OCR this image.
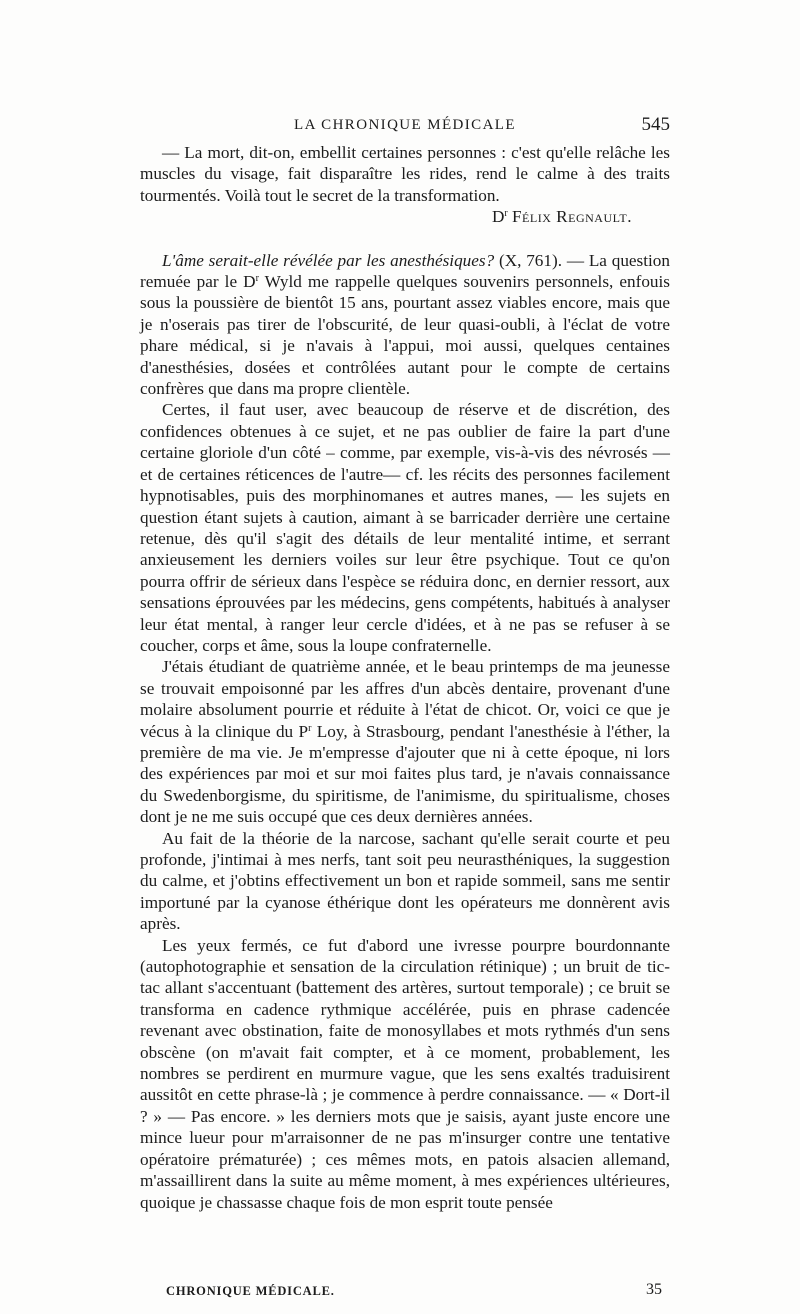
LA CHRONIQUE MÉDICALE	545

— La mort, dit-on, embellit certaines personnes : c'est qu'elle relâche les muscles du visage, fait disparaître les rides, rend le calme à des traits tourmentés. Voilà tout le secret de la transformation.

$D^r$ Félix Regnault.

L'âme serait-elle révélée par les anesthésiques? (X, 761). — La question remuée par le $D^r$ Wyld me rappelle quelques souvenirs personnels, enfouis sous la poussière de bientôt 15 ans, pourtant assez viables encore, mais que je n'oserais pas tirer de l'obscurité, de leur quasi-oubli, à l'éclat de votre phare médical, si je n'avais à l'appui, moi aussi, quelques centaines d'anesthésies, dosées et contrôlées autant pour le compte de certains confrères que dans ma propre clientèle.

Certes, il faut user, avec beaucoup de réserve et de discrétion, des confidences obtenues à ce sujet, et ne pas oublier de faire la part d'une certaine gloriole d'un côté – comme, par exemple, vis-à-vis des névrosés — et de certaines réticences de l'autre— cf. les récits des personnes facilement hypnotisables, puis des morphinomanes et autres manes, — les sujets en question étant sujets à caution, aimant à se barricader derrière une certaine retenue, dès qu'il s'agit des détails de leur mentalité intime, et serrant anxieusement les derniers voiles sur leur être psychique. Tout ce qu'on pourra offrir de sérieux dans l'espèce se réduira donc, en dernier ressort, aux sensations éprouvées par les médecins, gens compétents, habitués à analyser leur état mental, à ranger leur cercle d'idées, et à ne pas se refuser à se coucher, corps et âme, sous la loupe confraternelle.

J'étais étudiant de quatrième année, et le beau printemps de ma jeunesse se trouvait empoisonné par les affres d'un abcès dentaire, provenant d'une molaire absolument pourrie et réduite à l'état de chicot. Or, voici ce que je vécus à la clinique du $P^r$ Loy, à Strasbourg, pendant l'anesthésie à l'éther, la première de ma vie. Je m'empresse d'ajouter que ni à cette époque, ni lors des expériences par moi et sur moi faites plus tard, je n'avais connaissance du Swedenborgisme, du spiritisme, de l'animisme, du spiritualisme, choses dont je ne me suis occupé que ces deux dernières années.

Au fait de la théorie de la narcose, sachant qu'elle serait courte et peu profonde, j'intimai à mes nerfs, tant soit peu neurasthéniques, la suggestion du calme, et j'obtins effectivement un bon et rapide sommeil, sans me sentir importuné par la cyanose éthérique dont les opérateurs me donnèrent avis après.

Les yeux fermés, ce fut d'abord une ivresse pourpre bourdonnante (autophotographie et sensation de la circulation rétinique) ; un bruit de tic-tac allant s'accentuant (battement des artères, surtout temporale) ; ce bruit se transforma en cadence rythmique accélérée, puis en phrase cadencée revenant avec obstination, faite de monosyllabes et mots rythmés d'un sens obscène (on m'avait fait compter, et à ce moment, probablement, les nombres se perdirent en murmure vague, que les sens exaltés traduisirent aussitôt en cette phrase-là ; je commence à perdre connaissance. — « Dort-il ? » — Pas encore. » les derniers mots que je saisis, ayant juste encore une mince lueur pour m'arraisonner de ne pas m'insurger contre une tentative opératoire prématurée) ; ces mêmes mots, en patois alsacien allemand, m'assaillirent dans la suite au même moment, à mes expériences ultérieures, quoique je chassasse chaque fois de mon esprit toute pensée

CHRONIQUE MÉDICALE.	35
